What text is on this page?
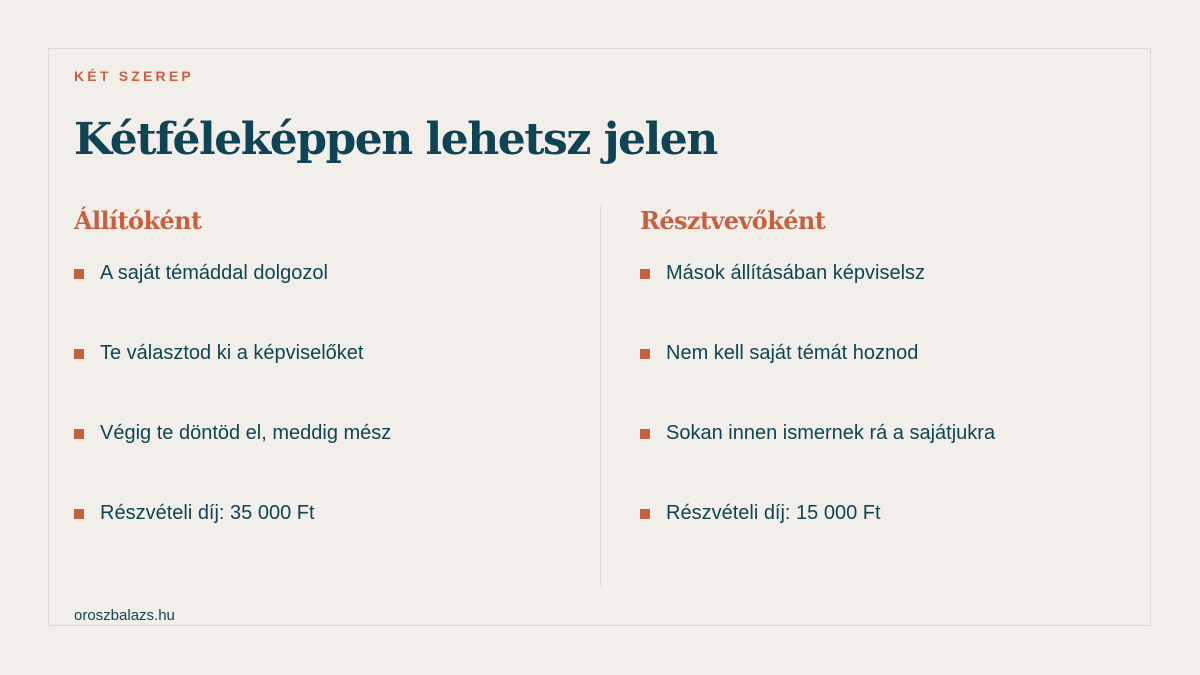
KÉT SZEREP
Kétféleképpen lehetsz jelen
Állítóként
A saját témáddal dolgozol
Te választod ki a képviselőket
Végig te döntöd el, meddig mész
Részvételi díj: 35 000 Ft
Résztvevőként
Mások állításában képviselsz
Nem kell saját témát hoznod
Sokan innen ismernek rá a sajátjukra
Részvételi díj: 15 000 Ft
oroszbalazs.hu
